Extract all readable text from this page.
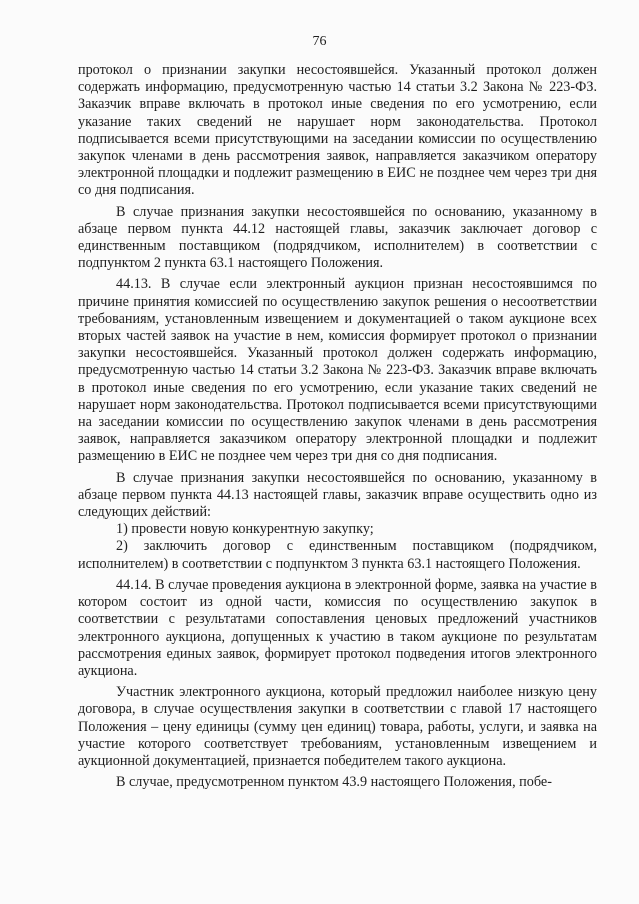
76

протокол о признании закупки несостоявшейся. Указанный протокол должен содержать информацию, предусмотренную частью 14 статьи 3.2 Закона № 223-ФЗ. Заказчик вправе включать в протокол иные сведения по его усмотрению, если указание таких сведений не нарушает норм законодательства. Протокол подписывается всеми присутствующими на заседании комиссии по осуществлению закупок членами в день рассмотрения заявок, направляется заказчиком оператору электронной площадки и подлежит размещению в ЕИС не позднее чем через три дня со дня подписания.

В случае признания закупки несостоявшейся по основанию, указанному в абзаце первом пункта 44.12 настоящей главы, заказчик заключает договор с единственным поставщиком (подрядчиком, исполнителем) в соответствии с подпунктом 2 пункта 63.1 настоящего Положения.

44.13. В случае если электронный аукцион признан несостоявшимся по причине принятия комиссией по осуществлению закупок решения о несоответствии требованиям, установленным извещением и документацией о таком аукционе всех вторых частей заявок на участие в нем, комиссия формирует протокол о признании закупки несостоявшейся. Указанный протокол должен содержать информацию, предусмотренную частью 14 статьи 3.2 Закона № 223-ФЗ. Заказчик вправе включать в протокол иные сведения по его усмотрению, если указание таких сведений не нарушает норм законодательства. Протокол подписывается всеми присутствующими на заседании комиссии по осуществлению закупок членами в день рассмотрения заявок, направляется заказчиком оператору электронной площадки и подлежит размещению в ЕИС не позднее чем через три дня со дня подписания.

В случае признания закупки несостоявшейся по основанию, указанному в абзаце первом пункта 44.13 настоящей главы, заказчик вправе осуществить одно из следующих действий:

1) провести новую конкурентную закупку;

2) заключить договор с единственным поставщиком (подрядчиком, исполнителем) в соответствии с подпунктом 3 пункта 63.1 настоящего Положения.

44.14. В случае проведения аукциона в электронной форме, заявка на участие в котором состоит из одной части, комиссия по осуществлению закупок в соответствии с результатами сопоставления ценовых предложений участников электронного аукциона, допущенных к участию в таком аукционе по результатам рассмотрения единых заявок, формирует протокол подведения итогов электронного аукциона.

Участник электронного аукциона, который предложил наиболее низкую цену договора, в случае осуществления закупки в соответствии с главой 17 настоящего Положения – цену единицы (сумму цен единиц) товара, работы, услуги, и заявка на участие которого соответствует требованиям, установленным извещением и аукционной документацией, признается победителем такого аукциона.

В случае, предусмотренном пунктом 43.9 настоящего Положения, побе-
